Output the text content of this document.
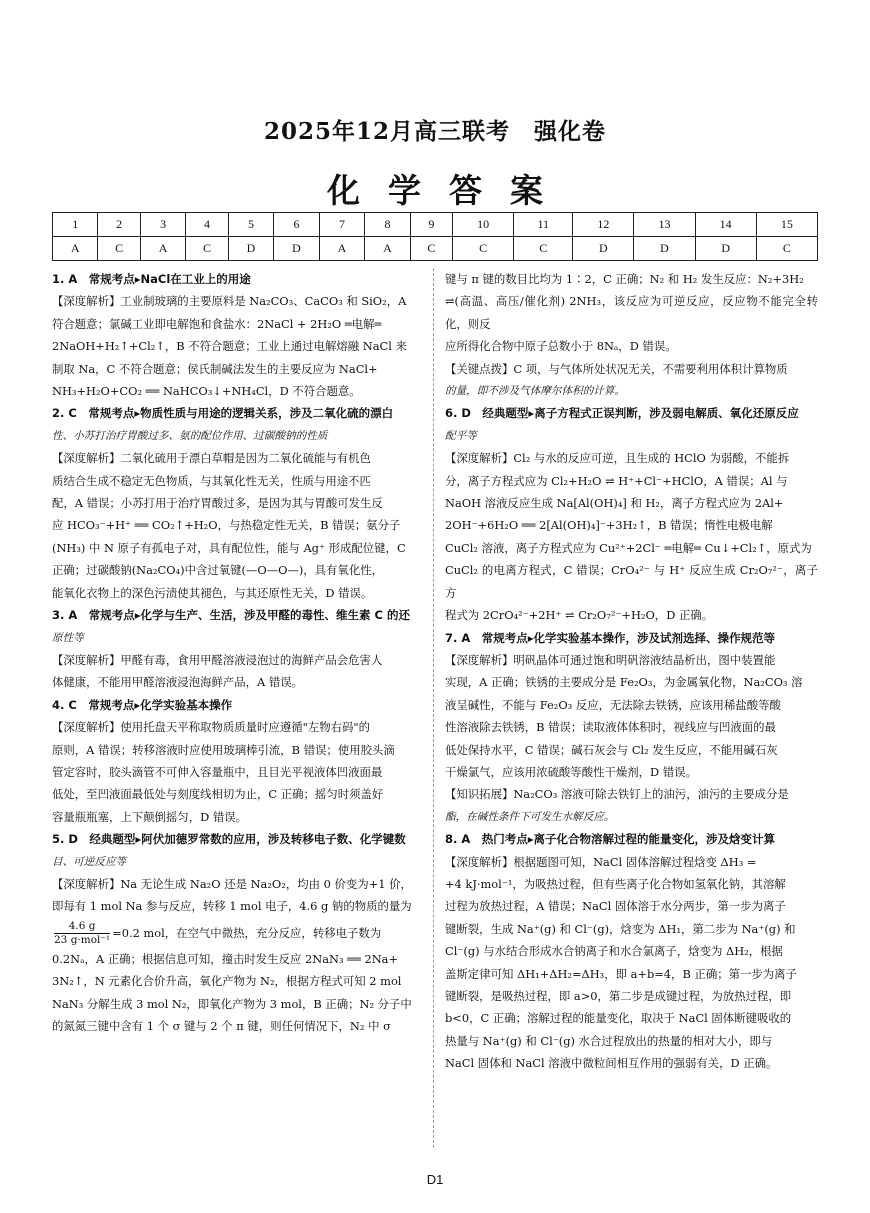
2025年12月高三联考　强化卷
化学答案
1	2	3	4	5	6	7	8	9	10	11	12	13	14	15
A	C	A	C	D	D	A	A	C	C	C	D	D	D	C

1. A　常规考点▸NaCl在工业上的用途

【深度解析】工业制玻璃的主要原料是 Na₂CO₃、CaCO₃ 和 SiO₂，A

符合题意；氯碱工业即电解饱和食盐水：2NaCl + 2H₂O ═电解═

2NaOH+H₂↑+Cl₂↑，B 不符合题意；工业上通过电解熔融 NaCl 来

制取 Na，C 不符合题意；侯氏制碱法发生的主要反应为 NaCl+

NH₃+H₂O+CO₂ ══ NaHCO₃↓+NH₄Cl，D 不符合题意。

2. C　常规考点▸物质性质与用途的逻辑关系，涉及二氧化硫的漂白

性、小苏打治疗胃酸过多、氨的配位作用、过碳酸钠的性质

【深度解析】二氧化硫用于漂白草帽是因为二氧化硫能与有机色

质结合生成不稳定无色物质，与其氧化性无关，性质与用途不匹

配，A 错误；小苏打用于治疗胃酸过多，是因为其与胃酸可发生反

应 HCO₃⁻+H⁺ ══ CO₂↑+H₂O，与热稳定性无关，B 错误；氨分子

(NH₃) 中 N 原子有孤电子对，具有配位性，能与 Ag⁺ 形成配位键，C

正确；过碳酸钠(Na₂CO₄)中含过氧键(—O—O—)，具有氧化性，

能氧化衣物上的深色污渍使其褪色，与其还原性无关，D 错误。

3. A　常规考点▸化学与生产、生活，涉及甲醛的毒性、维生素 C 的还

原性等

【深度解析】甲醛有毒，食用甲醛溶液浸泡过的海鲜产品会危害人

体健康，不能用甲醛溶液浸泡海鲜产品，A 错误。

4. C　常规考点▸化学实验基本操作

【深度解析】使用托盘天平称取物质质量时应遵循"左物右码"的

原则，A 错误；转移溶液时应使用玻璃棒引流，B 错误；使用胶头滴

管定容时，胶头滴管不可伸入容量瓶中，且目光平视液体凹液面最

低处，至凹液面最低处与刻度线相切为止，C 正确；摇匀时须盖好

容量瓶瓶塞，上下颠倒摇匀，D 错误。

5. D　经典题型▸阿伏加德罗常数的应用，涉及转移电子数、化学键数

目、可逆反应等

【深度解析】Na 无论生成 Na₂O 还是 Na₂O₂，均由 0 价变为+1 价，

即每有 1 mol Na 参与反应，转移 1 mol 电子，4.6 g 钠的物质的量为

$\frac{4.6 g}{\text{23 g·mol⁻¹}} =0.2$ mol，在空气中微热，充分反应，转移电子数为

0.2Nₐ，A 正确；根据信息可知，撞击时发生反应 2NaN₃ ══ 2Na+

3N₂↑，N 元素化合价升高，氧化产物为 N₂，根据方程式可知 2 mol

NaN₃ 分解生成 3 mol N₂，即氧化产物为 3 mol，B 正确；N₂ 分子中

的氮氮三键中含有 1 个 σ 键与 2 个 π 键，则任何情况下，N₂ 中 σ

键与 π 键的数目比均为 1∶2，C 正确；N₂ 和 H₂ 发生反应：N₂+3H₂

⇌(高温、高压/催化剂) 2NH₃，该反应为可逆反应，反应物不能完全转化，则反

应所得化合物中原子总数小于 8Nₐ，D 错误。

【关键点拨】C 项，与气体所处状况无关，不需要利用体积计算物质

的量，即不涉及气体摩尔体积的计算。

6. D　经典题型▸离子方程式正误判断，涉及弱电解质、氧化还原反应

配平等

【深度解析】Cl₂ 与水的反应可逆，且生成的 HClO 为弱酸，不能拆

分，离子方程式应为 Cl₂+H₂O ⇌ H⁺+Cl⁻+HClO，A 错误；Al 与

NaOH 溶液反应生成 Na[Al(OH)₄] 和 H₂，离子方程式应为 2Al+

2OH⁻+6H₂O ══ 2[Al(OH)₄]⁻+3H₂↑，B 错误；惰性电极电解

CuCl₂ 溶液，离子方程式应为 Cu²⁺+2Cl⁻ ═电解═ Cu↓+Cl₂↑，原式为

CuCl₂ 的电离方程式，C 错误；CrO₄²⁻ 与 H⁺ 反应生成 Cr₂O₇²⁻，离子方

程式为 2CrO₄²⁻+2H⁺ ⇌ Cr₂O₇²⁻+H₂O，D 正确。

7. A　常规考点▸化学实验基本操作，涉及试剂选择、操作规范等

【深度解析】明矾晶体可通过饱和明矾溶液结晶析出，图中装置能

实现，A 正确；铁锈的主要成分是 Fe₂O₃，为金属氧化物，Na₂CO₃ 溶

液呈碱性，不能与 Fe₂O₃ 反应，无法除去铁锈，应该用稀盐酸等酸

性溶液除去铁锈，B 错误；读取液体体积时，视线应与凹液面的最

低处保持水平，C 错误；碱石灰会与 Cl₂ 发生反应，不能用碱石灰

干燥氯气，应该用浓硫酸等酸性干燥剂，D 错误。

【知识拓展】Na₂CO₃ 溶液可除去铁钉上的油污，油污的主要成分是

酯，在碱性条件下可发生水解反应。

8. A　热门考点▸离子化合物溶解过程的能量变化，涉及焓变计算

【深度解析】根据题图可知，NaCl 固体溶解过程焓变 ΔH₃ =

+4 kJ·mol⁻¹，为吸热过程，但有些离子化合物如氢氧化钠，其溶解

过程为放热过程，A 错误；NaCl 固体溶于水分两步，第一步为离子

键断裂，生成 Na⁺(g) 和 Cl⁻(g)，焓变为 ΔH₁，第二步为 Na⁺(g) 和

Cl⁻(g) 与水结合形成水合钠离子和水合氯离子，焓变为 ΔH₂，根据

盖斯定律可知 ΔH₁+ΔH₂=ΔH₃，即 a+b=4，B 正确；第一步为离子

键断裂，是吸热过程，即 a>0，第二步是成键过程，为放热过程，即

b<0，C 正确；溶解过程的能量变化，取决于 NaCl 固体断键吸收的

热量与 Na⁺(g) 和 Cl⁻(g) 水合过程放出的热量的相对大小，即与

NaCl 固体和 NaCl 溶液中微粒间相互作用的强弱有关，D 正确。

D1
